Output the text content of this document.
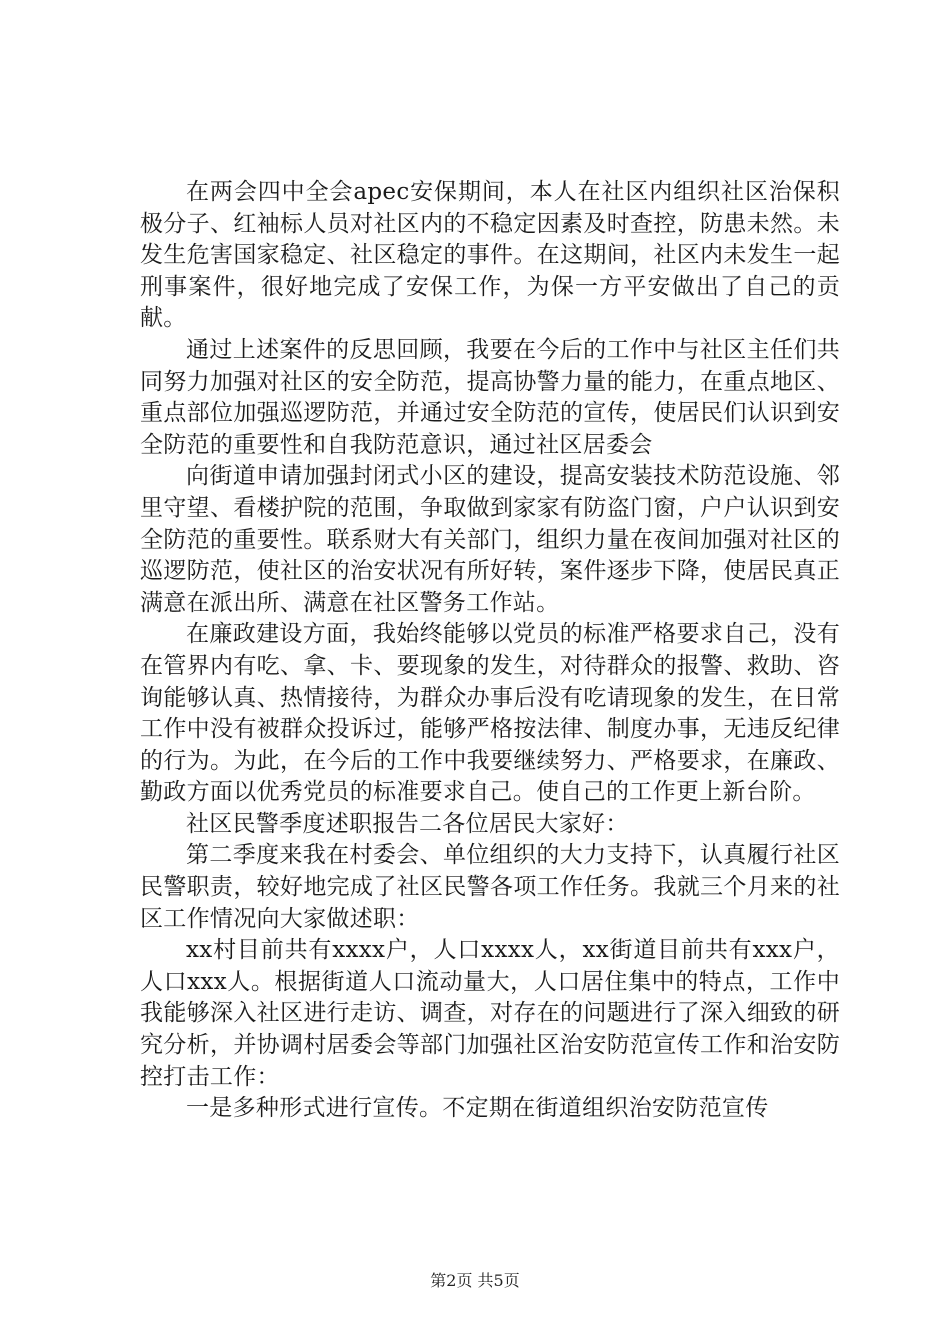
在两会四中全会apec安保期间，本人在社区内组织社区治保积极分子、红袖标人员对社区内的不稳定因素及时查控，防患未然。未发生危害国家稳定、社区稳定的事件。在这期间，社区内未发生一起刑事案件，很好地完成了安保工作，为保一方平安做出了自己的贡献。

通过上述案件的反思回顾，我要在今后的工作中与社区主任们共同努力加强对社区的安全防范，提高协警力量的能力，在重点地区、重点部位加强巡逻防范，并通过安全防范的宣传，使居民们认识到安全防范的重要性和自我防范意识，通过社区居委会

向街道申请加强封闭式小区的建设，提高安装技术防范设施、邻里守望、看楼护院的范围，争取做到家家有防盗门窗，户户认识到安全防范的重要性。联系财大有关部门，组织力量在夜间加强对社区的巡逻防范，使社区的治安状况有所好转，案件逐步下降，使居民真正满意在派出所、满意在社区警务工作站。

在廉政建设方面，我始终能够以党员的标准严格要求自己，没有在管界内有吃、拿、卡、要现象的发生，对待群众的报警、救助、咨询能够认真、热情接待，为群众办事后没有吃请现象的发生，在日常工作中没有被群众投诉过，能够严格按法律、制度办事，无违反纪律的行为。为此，在今后的工作中我要继续努力、严格要求，在廉政、勤政方面以优秀党员的标准要求自己。使自己的工作更上新台阶。

社区民警季度述职报告二各位居民大家好：

第二季度来我在村委会、单位组织的大力支持下，认真履行社区民警职责，较好地完成了社区民警各项工作任务。我就三个月来的社区工作情况向大家做述职：

xx村目前共有xxxx户，人口xxxx人，xx街道目前共有xxx户，人口xxx人。根据街道人口流动量大，人口居住集中的特点，工作中我能够深入社区进行走访、调查，对存在的问题进行了深入细致的研究分析，并协调村居委会等部门加强社区治安防范宣传工作和治安防控打击工作：

一是多种形式进行宣传。不定期在街道组织治安防范宣传

第2页 共5页
